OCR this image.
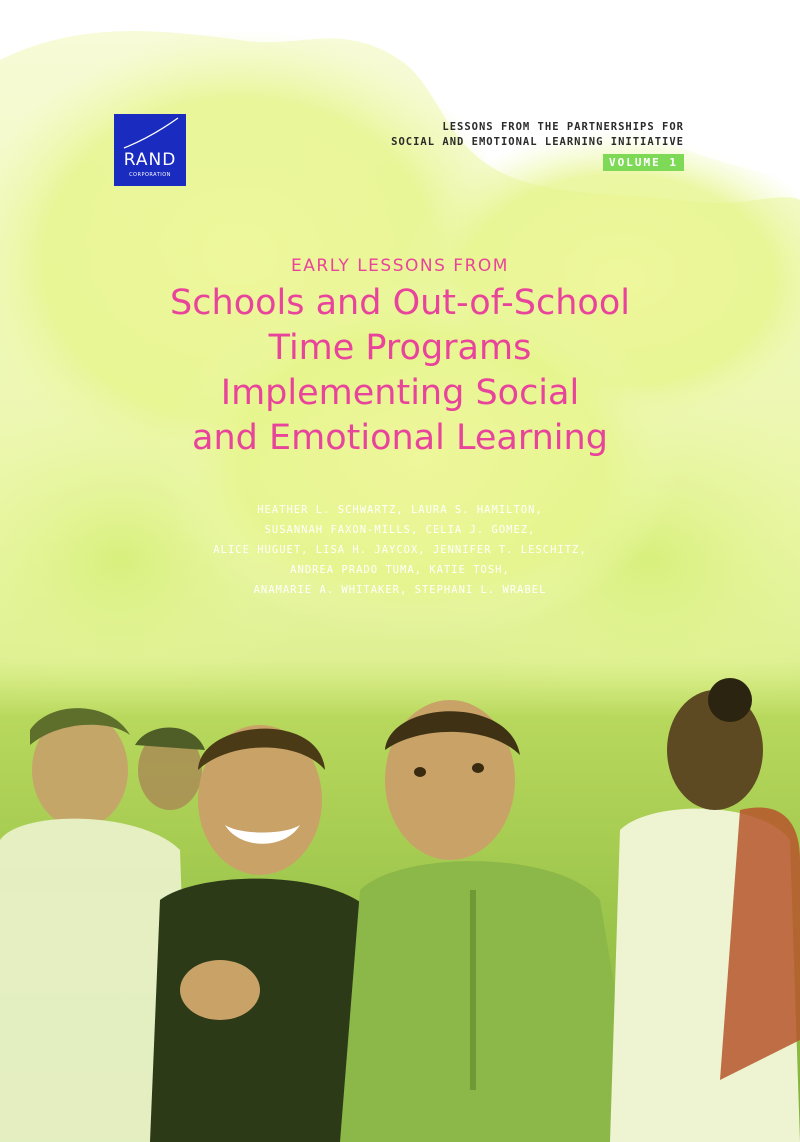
RAND
CORPORATION
LESSONS FROM THE PARTNERSHIPS FOR
SOCIAL AND EMOTIONAL LEARNING INITIATIVE
VOLUME 1
EARLY LESSONS FROM
Schools and Out-of-School
Time Programs
Implementing Social
and Emotional Learning
HEATHER L. SCHWARTZ, LAURA S. HAMILTON,
SUSANNAH FAXON-MILLS, CELIA J. GOMEZ,
ALICE HUGUET, LISA H. JAYCOX, JENNIFER T. LESCHITZ,
ANDREA PRADO TUMA, KATIE TOSH,
ANAMARIE A. WHITAKER, STEPHANI L. WRABEL
